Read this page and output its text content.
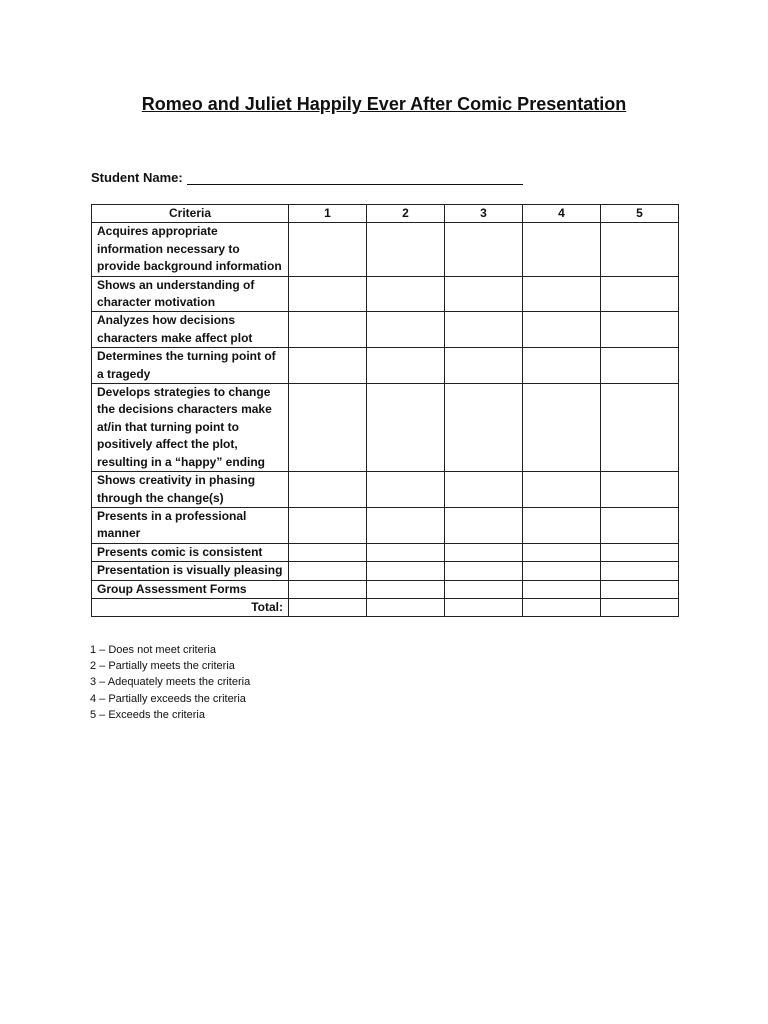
Romeo and Juliet Happily Ever After Comic Presentation
Student Name:
Criteria	1	2	3	4	5
Acquires appropriate information necessary to provide background information					
Shows an understanding of character motivation					
Analyzes how decisions characters make affect plot					
Determines the turning point of a tragedy					
Develops strategies to change the decisions characters make at/in that turning point to positively affect the plot, resulting in a “happy” ending					
Shows creativity in phasing through the change(s)					
Presents in a professional manner					
Presents comic is consistent					
Presentation is visually pleasing					
Group Assessment Forms					
Total:					
1 – Does not meet criteria
2 – Partially meets the criteria
3 – Adequately meets the criteria
4 – Partially exceeds the criteria
5 – Exceeds the criteria
